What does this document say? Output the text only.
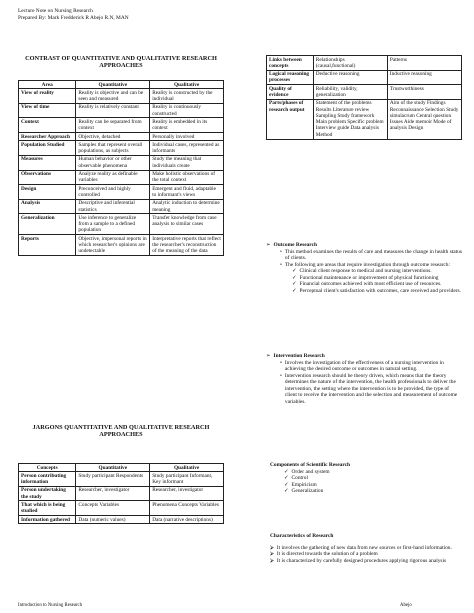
Lecture Note on Nursing Research
Prepared By: Mark Fredderick R Abejo R.N, MAN
CONTRAST OF QUANTITATIVE AND QUALITATIVE RESEARCH APPROACHES
Area	Quantitative	Qualitative
View of reality	Reality is objective and can be seen and measured	Reality is constructed by the individual
View of time	Reality is relatively constant	Reality is continuously constructed
Context	Reality can be separated from context	Reality is embedded in its context
Researcher Approach	Objective, detached	Personally involved
Population Studied	Samples that represent overall populations, as subjects	Individual cases, represented as informants
Measures	Human behavior or other observable phenomena	Study the meaning that individuals create
Observations	Analyze reality as definable variables	Make holistic observations of the total context
Design	Preconceived and highly controlled	Emergent and fluid, adaptable to informant's views
Analysis	Descriptive and inferential statistics	Analytic induction to determine meaning
Generalization	Use inference to generalize from a sample to a defined population	Transfer knowledge from case analysis to similar cases
Reports	Objective, impersonal reports in which researcher's opinions are undetectable	Interpretative reports that reflect the researcher's reconstruction of the meaning of the data
JARGONS QUANTITATIVE AND QUALITATIVE RESEARCH APPROACHES
Concepts	Quantitative	Qualitative
Person contributing information	Study participant Respondents	Study participant Informant, Key informant
Person undertaking the study	Researcher, investigator	Researcher, investigator
That which is being studied	Concepts Variables	Phenomena Concepts Variables
Information gathered	Data (numeric values)	Data (narrative descriptions)
Links between concepts	Relationships (causal,functional)	Patterns
Logical reasoning processes	Deductive reasoning	Inductive reasoning
Quality of evidence	Reliability, validity, generalization	Trustworthiness
Parts/phases of research output	Statement of the problems Results Literature review Sampling Study framework Main problem Specific problem Interview guide Data analysis Method	Aim of the study Findings Reconnaissance Selection Study simulacrum Central question Issues Aide memoir Mode of analysis Design
➢ Outcome Research
• This method examines the results of care and measures the change in health status of clients.
• The following are areas that require investigation through outcome research:
✓ Clinical client response to medical and nursing interventions.
✓ Functional maintenance or improvement of physical functioning
✓ Financial outcomes achieved with most efficient use of resources.
✓ Perceptual client's satisfaction with outcomes, care received and providers.
➢ Intervention Research
• Involves the investigation of the effectiveness of a nursing intervention in achieving the desired outcome or outcomes in natural setting.
• Intervention research should be theory driven, which means that the theory determines the nature of the intervention, the health professionals to deliver the intervention, the setting where the intervention is to be provided, the type of client to receive the intervention and the selection and measurement of outcome variables.
Components of Scientific Research
✓ Order and system
✓ Control
✓ Empiricism
✓ Generalization
Characteristics of Research
⮚ It involves the gathering of new data from new sources or first-hand information.
⮚ It is directed towards the solution of a problem
⮚ It is characterized by carefully designed procedures applying rigorous analysis
Introduction to Nursing Research	Abejo
